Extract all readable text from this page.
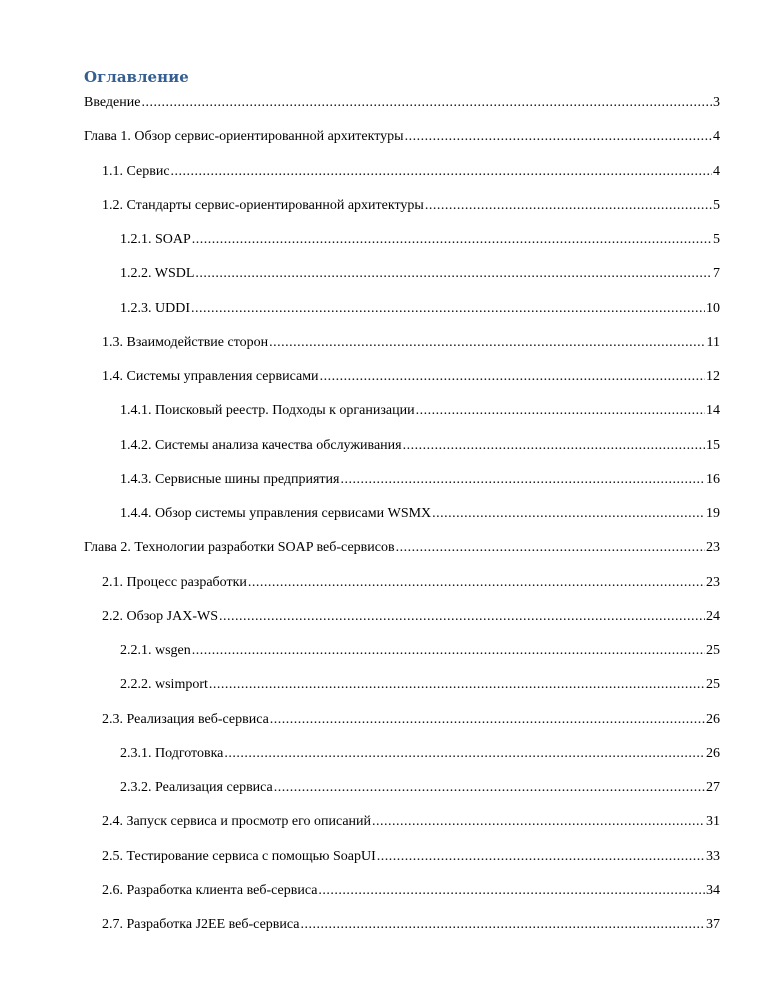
Оглавление
Введение .....	3
Глава 1. Обзор сервис-ориентированной архитектуры .....	4
1.1. Сервис .....	4
1.2. Стандарты сервис-ориентированной архитектуры .....	5
1.2.1. SOAP .....	5
1.2.2. WSDL .....	7
1.2.3. UDDI .....	10
1.3. Взаимодействие сторон .....	11
1.4. Системы управления сервисами .....	12
1.4.1. Поисковый реестр. Подходы к организации .....	14
1.4.2. Системы анализа качества обслуживания .....	15
1.4.3. Сервисные шины предприятия .....	16
1.4.4. Обзор системы управления сервисами WSMX .....	19
Глава 2. Технологии разработки SOAP веб-сервисов .....	23
2.1. Процесс разработки .....	23
2.2. Обзор JAX-WS .....	24
2.2.1. wsgen .....	25
2.2.2. wsimport .....	25
2.3. Реализация веб-сервиса .....	26
2.3.1. Подготовка .....	26
2.3.2. Реализация сервиса .....	27
2.4. Запуск сервиса и просмотр его описаний .....	31
2.5. Тестирование сервиса с помощью SoapUI .....	33
2.6. Разработка клиента веб-сервиса .....	34
2.7. Разработка J2EE веб-сервиса .....	37
